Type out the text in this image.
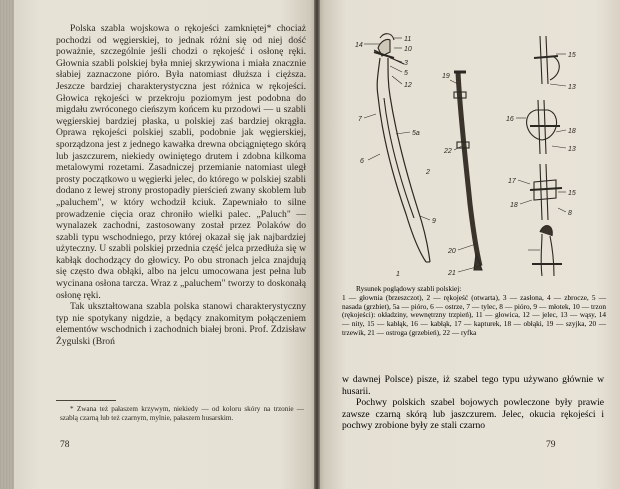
Polska szabla wojskowa o rękojeści zamkniętej* chociaż pochodzi od węgierskiej, to jednak różni się od niej dość poważnie, szczególnie jeśli chodzi o rękojeść i osłonę ręki. Głownia szabli polskiej była mniej skrzywiona i miała znacznie słabiej zaznaczone pióro. Była natomiast dłuższa i cięższa. Jeszcze bardziej charakterystyczna jest różnica w rękojeści. Głowica rękojeści w przekroju poziomym jest podobna do migdału zwróconego cieńszym końcem ku przodowi — u szabli węgierskiej bardziej płaska, u polskiej zaś bardziej okrągła. Oprawa rękojeści polskiej szabli, podobnie jak węgierskiej, sporządzona jest z jednego kawałka drewna obciągniętego skórą lub jaszczurem, niekiedy owiniętego drutem i zdobna kilkoma metalowymi rozetami. Zasadniczej przemianie natomiast uległ prosty początkowo u węgierki jelec, do którego w polskiej szabli dodano z lewej strony prostopadły pierścień zwany skoblem lub „paluchem", w który wchodził kciuk. Zapewniało to silne prowadzenie cięcia oraz chroniło wielki palec. „Paluch" — wynalazek zachodni, zastosowany został przez Polaków do szabli typu wschodniego, przy której okazał się jak najbardziej użyteczny. U szabli polskiej przednia część jelca przedłuża się w kabłąk dochodzący do głowicy. Po obu stronach jelca znajdują się często dwa obłąki, albo na jelcu umocowana jest pełna lub wycinana osłona tarcza. Wraz z „paluchem" tworzy to doskonałą osłonę ręki.

Tak ukształtowana szabla polska stanowi charakterystyczny typ nie spotykany nigdzie, a będący znakomitym połączeniem elementów wschodnich i zachodnich białej broni. Prof. Zdzisław Żygulski (Broń

* Zwana też pałaszem krzywym, niekiedy — od koloru skóry na trzonie — szablą czarną lub też czarnym, mylnie, pałaszem husarskim.

78	79
14
11
10
3
5
12
19
7
6
5a
22
9
2
20
21
1
15
13
16
18
13
17
15
18
8

Rysunek poglądowy szabli polskiej:

1 — głownia (brzeszczot), 2 — rękojeść (otwarta), 3 — zasłona, 4 — zbrocze, 5 — nasada (grzbiet), 5a — pióro, 6 — ostrze, 7 — tylec, 8 — pióro, 9 — młotek, 10 — trzon (rękojeści): okładziny, wewnętrzny trzpień), 11 — głowica, 12 — jelec, 13 — wąsy, 14 — nity, 15 — kabłąk, 16 — kabłąk, 17 — kapturek, 18 — obłąki, 19 — szyjka, 20 — trzewik, 21 — ostroga (grzebień), 22 — ryfka

w dawnej Polsce) pisze, iż szabel tego typu używano głównie w husarii.

Pochwy polskich szabel bojowych powleczone były prawie zawsze czarną skórą lub jaszczurem. Jelec, okucia rękojeści i pochwy zrobione były ze stali czarno
